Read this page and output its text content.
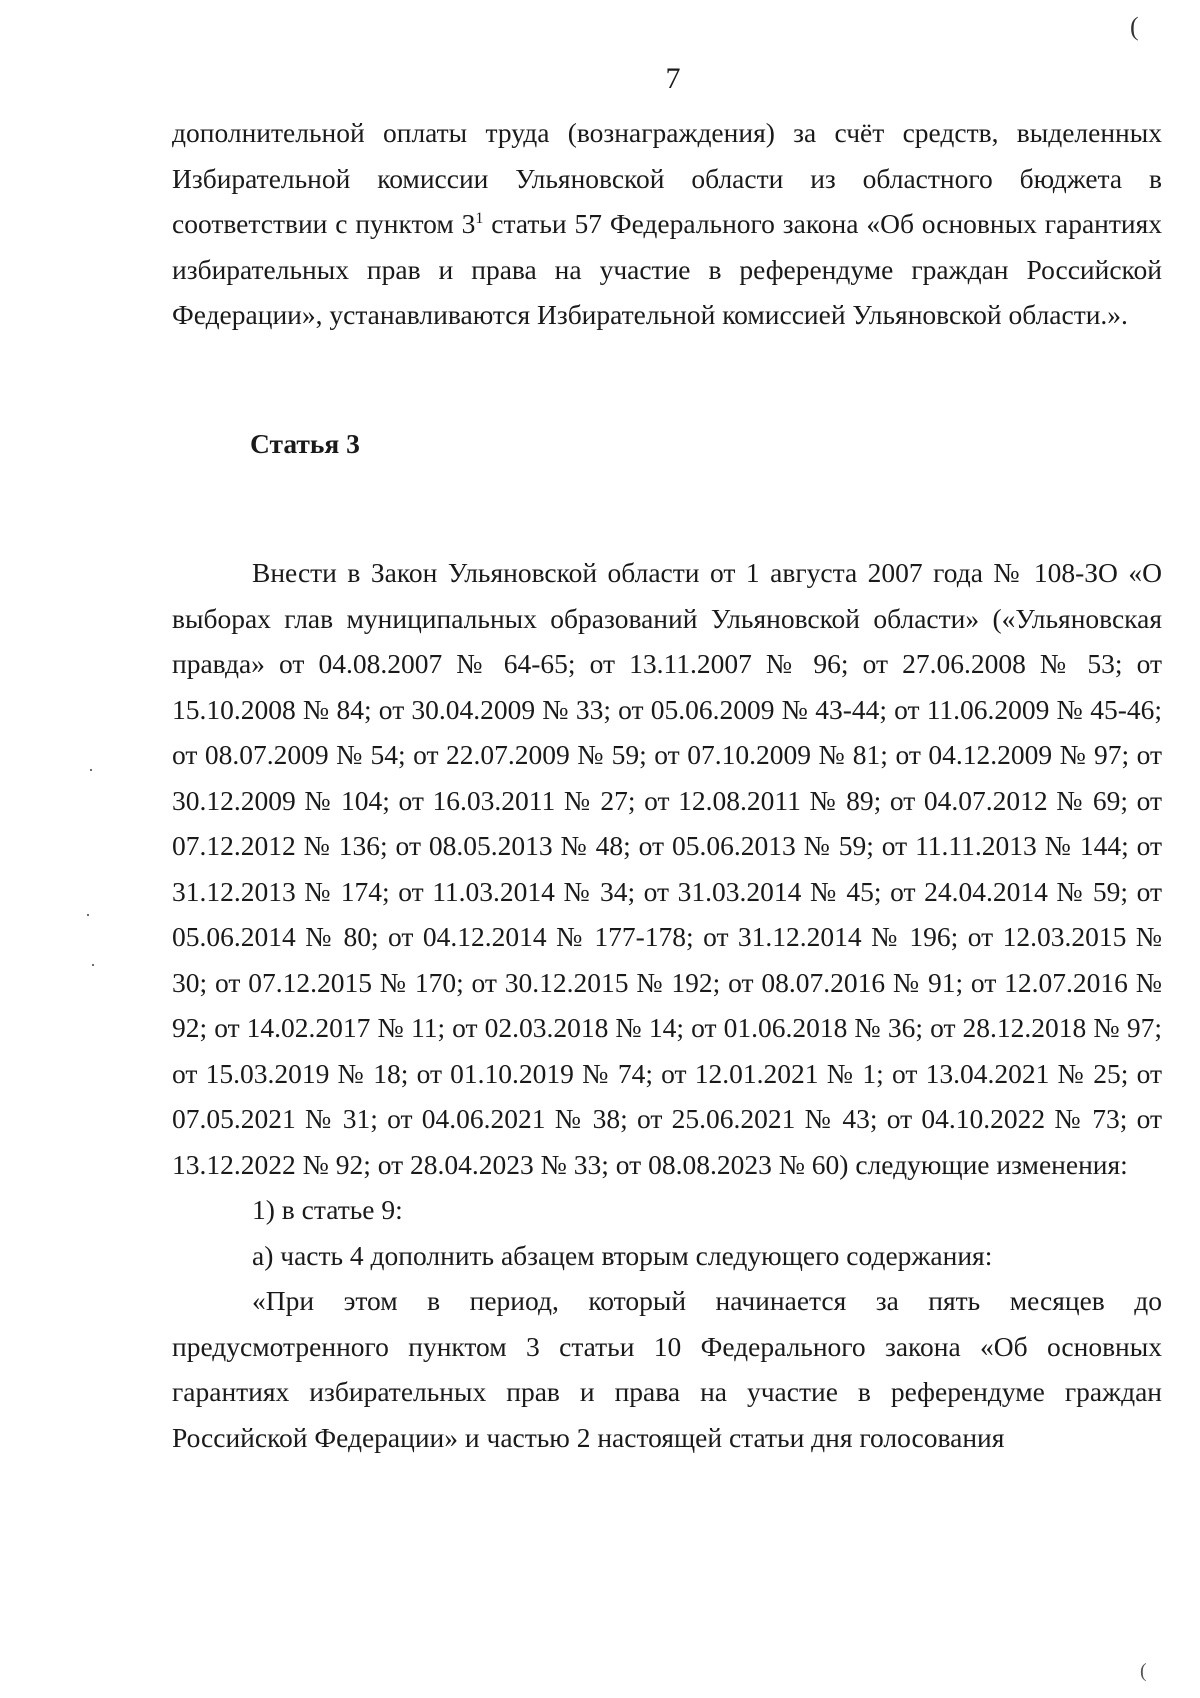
(
7

дополнительной оплаты труда (вознаграждения) за счёт средств, выделенных Избирательной комиссии Ульяновской области из областного бюджета в соответствии с пунктом $3^1$ статьи 57 Федерального закона «Об основных гарантиях избирательных прав и права на участие в референдуме граждан Российской Федерации», устанавливаются Избирательной комиссией Ульяновской области.».

Статья 3

Внести в Закон Ульяновской области от 1 августа 2007 года № 108-ЗО «О выборах глав муниципальных образований Ульяновской области» («Ульяновская правда» от 04.08.2007 № 64-65; от 13.11.2007 № 96; от 27.06.2008 № 53; от 15.10.2008 № 84; от 30.04.2009 № 33; от 05.06.2009 № 43-44; от 11.06.2009 № 45-46; от 08.07.2009 № 54; от 22.07.2009 № 59; от 07.10.2009 № 81; от 04.12.2009 № 97; от 30.12.2009 № 104; от 16.03.2011 № 27; от 12.08.2011 № 89; от 04.07.2012 № 69; от 07.12.2012 № 136; от 08.05.2013 № 48; от 05.06.2013 № 59; от 11.11.2013 № 144; от 31.12.2013 № 174; от 11.03.2014 № 34; от 31.03.2014 № 45; от 24.04.2014 № 59; от 05.06.2014 № 80; от 04.12.2014 № 177-178; от 31.12.2014 № 196; от 12.03.2015 № 30; от 07.12.2015 № 170; от 30.12.2015 № 192; от 08.07.2016 № 91; от 12.07.2016 № 92; от 14.02.2017 № 11; от 02.03.2018 № 14; от 01.06.2018 № 36; от 28.12.2018 № 97; от 15.03.2019 № 18; от 01.10.2019 № 74; от 12.01.2021 № 1; от 13.04.2021 № 25; от 07.05.2021 № 31; от 04.06.2021 № 38; от 25.06.2021 № 43; от 04.10.2022 № 73; от 13.12.2022 № 92; от 28.04.2023 № 33; от 08.08.2023 № 60) следующие изменения:

1) в статье 9:

а) часть 4 дополнить абзацем вторым следующего содержания:

«При этом в период, который начинается за пять месяцев до предусмотренного пунктом 3 статьи 10 Федерального закона «Об основных гарантиях избирательных прав и права на участие в референдуме граждан Российской Федерации» и частью 2 настоящей статьи дня голосования

·
·
·
(
